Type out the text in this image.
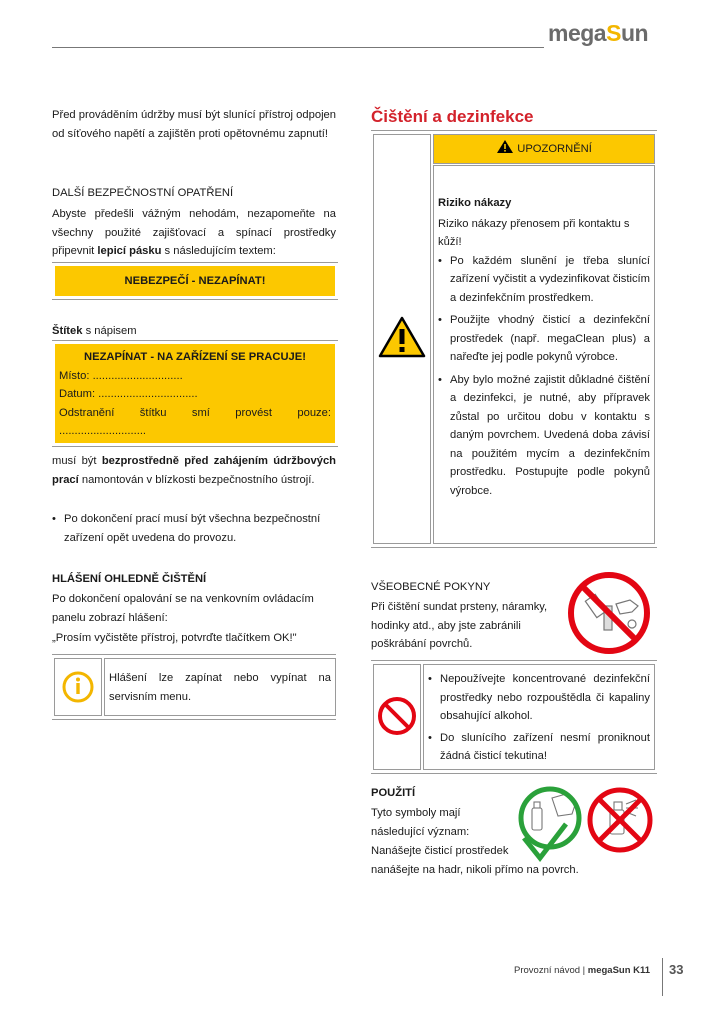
megaSun
Před prováděním údržby musí být slunící přístroj odpojen od síťového napětí a zajištěn proti opětovnému zapnutí!
DALŠÍ BEZPEČNOSTNÍ OPATŘENÍ
Abyste předešli vážným nehodám, nezapomeňte na všechny použité zajišťovací a spínací prostředky připevnit lepicí pásku s následujícím textem:
NEBEZPEČÍ - NEZAPÍNAT!
Štítek s nápisem
NEZAPÍNAT - NA ZAŘÍZENÍ SE PRACUJE!
Místo: .............................
Datum: ................................
Odstranění štítku smí provést pouze:
............................
musí být bezprostředně před zahájením údržbových prací namontován v blízkosti bezpečnostního ústrojí.
• Po dokončení prací musí být všechna bezpečnostní zařízení opět uvedena do provozu.
HLÁŠENÍ OHLEDNĚ ČIŠTĚNÍ
Po dokončení opalování se na venkovním ovládacím panelu zobrazí hlášení:
„Prosím vyčistěte přístroj, potvrďte tlačítkem OK!"
Hlášení lze zapínat nebo vypínat na servisním menu.
Čištění a dezinfekce
UPOZORNĚNÍ
Riziko nákazy
Riziko nákazy přenosem při kontaktu s kůží!
• Po každém slunění je třeba slunící zařízení vyčistit a vydezinfikovat čisticím a dezinfekčním prostředkem.
• Použijte vhodný čisticí a dezinfekční prostředek (např. megaClean plus) a nařeďte jej podle pokynů výrobce.
• Aby bylo možné zajistit důkladné čištění a dezinfekci, je nutné, aby přípravek zůstal po určitou dobu v kontaktu s daným povrchem. Uvedená doba závisí na použitém mycím a dezinfekčním prostředku. Postupujte podle pokynů výrobce.
VŠEOBECNÉ POKYNY
Při čištění sundat prsteny, náramky, hodinky atd., aby jste zabránili poškrábání povrchů.
• Nepoužívejte koncentrované dezinfekční prostředky nebo rozpouštědla či kapaliny obsahující alkohol.
• Do slunícího zařízení nesmí proniknout žádná čisticí tekutina!
POUŽITÍ
Tyto symboly mají
následující význam:
Nanášejte čisticí prostředek
nanášejte na hadr, nikoli přímo na povrch.
Provozní návod | megaSun K11 33
